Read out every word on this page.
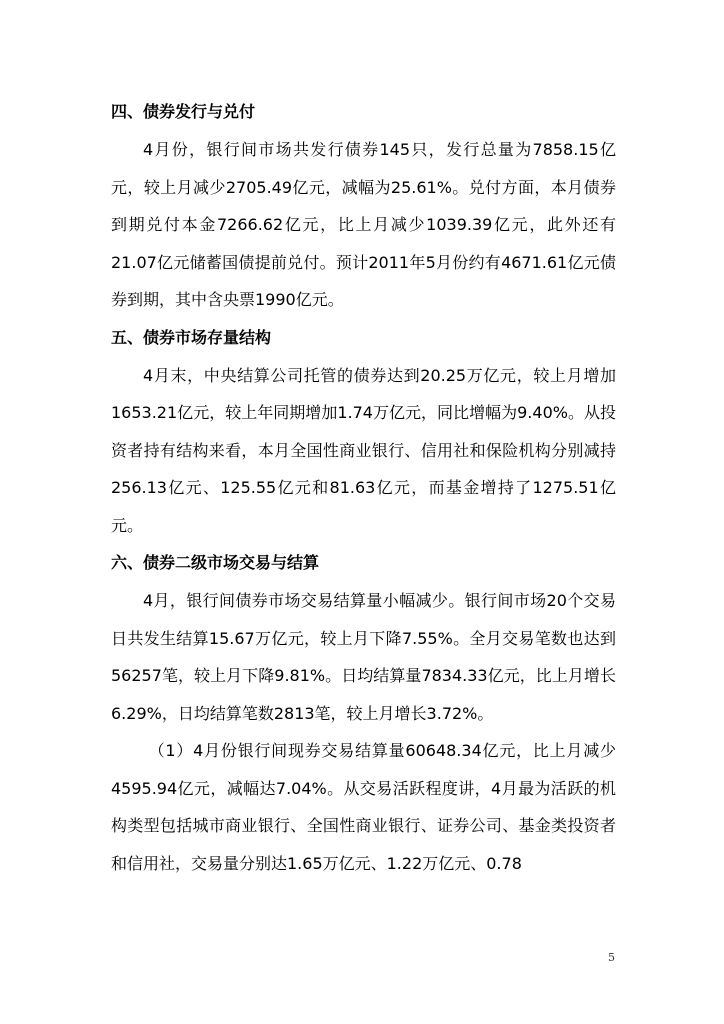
四、债券发行与兑付

4月份，银行间市场共发行债券145只，发行总量为7858.15亿元，较上月减少2705.49亿元，减幅为25.61%。兑付方面，本月债券到期兑付本金7266.62亿元，比上月减少1039.39亿元，此外还有21.07亿元储蓄国债提前兑付。预计2011年5月份约有4671.61亿元债券到期，其中含央票1990亿元。

五、债券市场存量结构

4月末，中央结算公司托管的债券达到20.25万亿元，较上月增加1653.21亿元，较上年同期增加1.74万亿元，同比增幅为9.40%。从投资者持有结构来看，本月全国性商业银行、信用社和保险机构分别减持256.13亿元、125.55亿元和81.63亿元，而基金增持了1275.51亿元。

六、债券二级市场交易与结算

4月，银行间债券市场交易结算量小幅减少。银行间市场20个交易日共发生结算15.67万亿元，较上月下降7.55%。全月交易笔数也达到56257笔，较上月下降9.81%。日均结算量7834.33亿元，比上月增长6.29%，日均结算笔数2813笔，较上月增长3.72%。

（1）4月份银行间现券交易结算量60648.34亿元，比上月减少4595.94亿元，减幅达7.04%。从交易活跃程度讲，4月最为活跃的机构类型包括城市商业银行、全国性商业银行、证券公司、基金类投资者和信用社，交易量分别达1.65万亿元、1.22万亿元、0.78

5
